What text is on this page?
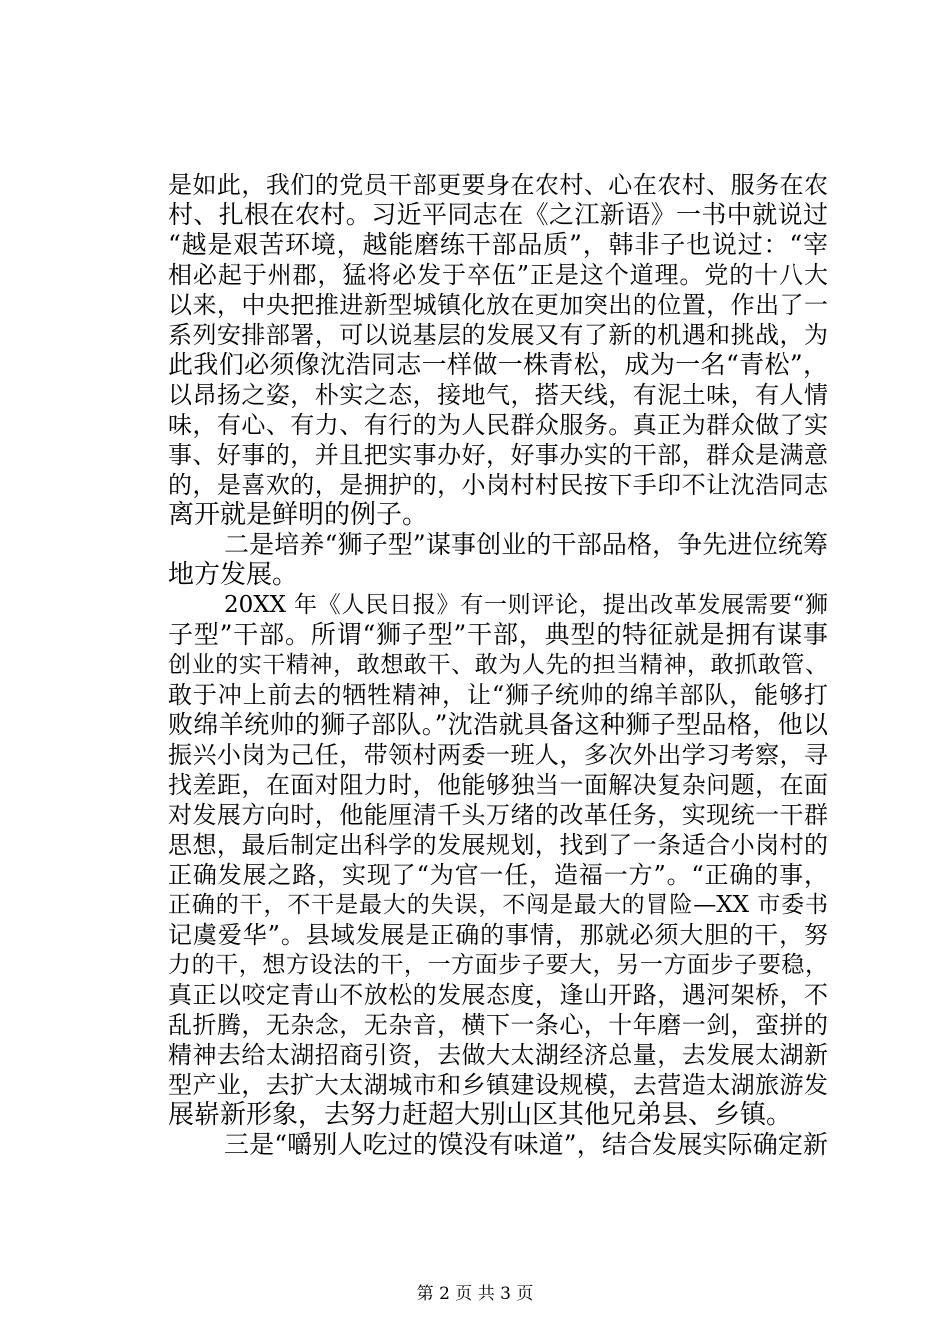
是如此，我们的党员干部更要身在农村、心在农村、服务在农
村、扎根在农村。习近平同志在《之江新语》一书中就说过
“越是艰苦环境，越能磨练干部品质”，韩非子也说过：“宰
相必起于州郡，猛将必发于卒伍”正是这个道理。党的十八大
以来，中央把推进新型城镇化放在更加突出的位置，作出了一
系列安排部署，可以说基层的发展又有了新的机遇和挑战，为
此我们必须像沈浩同志一样做一株青松，成为一名“青松”，
以昂扬之姿，朴实之态，接地气，搭天线，有泥土味，有人情
味，有心、有力、有行的为人民群众服务。真正为群众做了实
事、好事的，并且把实事办好，好事办实的干部，群众是满意
的，是喜欢的，是拥护的，小岗村村民按下手印不让沈浩同志
离开就是鲜明的例子。
二是培养“狮子型”谋事创业的干部品格，争先进位统筹
地方发展。
20XX 年《人民日报》有一则评论，提出改革发展需要“狮
子型”干部。所谓“狮子型”干部，典型的特征就是拥有谋事
创业的实干精神，敢想敢干、敢为人先的担当精神，敢抓敢管、
敢于冲上前去的牺牲精神，让“狮子统帅的绵羊部队，能够打
败绵羊统帅的狮子部队。”沈浩就具备这种狮子型品格，他以
振兴小岗为己任，带领村两委一班人，多次外出学习考察，寻
找差距，在面对阻力时，他能够独当一面解决复杂问题，在面
对发展方向时，他能厘清千头万绪的改革任务，实现统一干群
思想，最后制定出科学的发展规划，找到了一条适合小岗村的
正确发展之路，实现了“为官一任，造福一方”。“正确的事，
正确的干，不干是最大的失误，不闯是最大的冒险—XX 市委书
记虞爱华”。县域发展是正确的事情，那就必须大胆的干，努
力的干，想方设法的干，一方面步子要大，另一方面步子要稳，
真正以咬定青山不放松的发展态度，逢山开路，遇河架桥，不
乱折腾，无杂念，无杂音，横下一条心，十年磨一剑，蛮拼的
精神去给太湖招商引资，去做大太湖经济总量，去发展太湖新
型产业，去扩大太湖城市和乡镇建设规模，去营造太湖旅游发
展崭新形象，去努力赶超大别山区其他兄弟县、乡镇。
三是“嚼别人吃过的馍没有味道”，结合发展实际确定新
第 2 页 共 3 页
